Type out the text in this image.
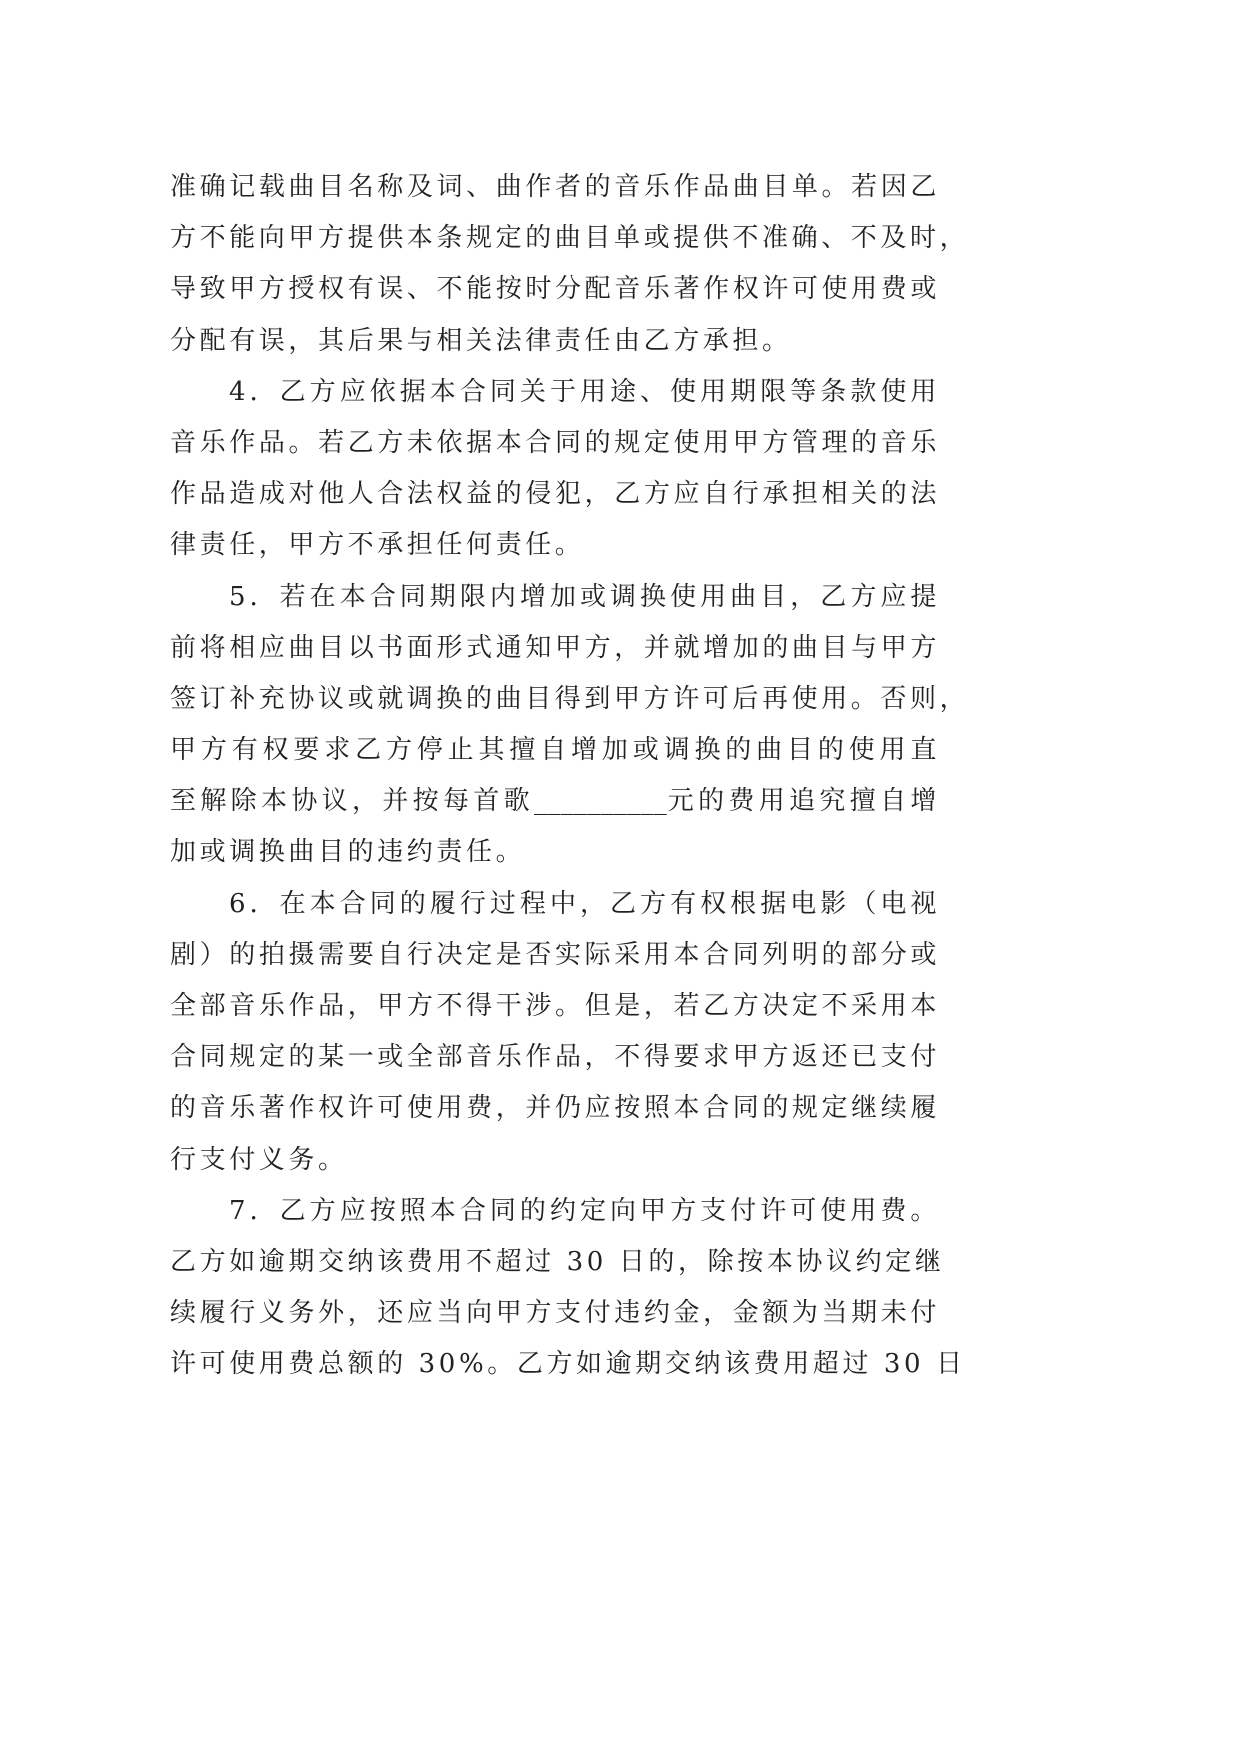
准确记载曲目名称及词、曲作者的音乐作品曲目单。若因乙
方不能向甲方提供本条规定的曲目单或提供不准确、不及时，
导致甲方授权有误、不能按时分配音乐著作权许可使用费或
分配有误，其后果与相关法律责任由乙方承担。
4．乙方应依据本合同关于用途、使用期限等条款使用
音乐作品。若乙方未依据本合同的规定使用甲方管理的音乐
作品造成对他人合法权益的侵犯，乙方应自行承担相关的法
律责任，甲方不承担任何责任。
5．若在本合同期限内增加或调换使用曲目，乙方应提
前将相应曲目以书面形式通知甲方，并就增加的曲目与甲方
签订补充协议或就调换的曲目得到甲方许可后再使用。否则，
甲方有权要求乙方停止其擅自增加或调换的曲目的使用直
至解除本协议，并按每首歌__________元的费用追究擅自增
加或调换曲目的违约责任。
6．在本合同的履行过程中，乙方有权根据电影（电视
剧）的拍摄需要自行决定是否实际采用本合同列明的部分或
全部音乐作品，甲方不得干涉。但是，若乙方决定不采用本
合同规定的某一或全部音乐作品，不得要求甲方返还已支付
的音乐著作权许可使用费，并仍应按照本合同的规定继续履
行支付义务。
7．乙方应按照本合同的约定向甲方支付许可使用费。
乙方如逾期交纳该费用不超过 30 日的，除按本协议约定继
续履行义务外，还应当向甲方支付违约金，金额为当期未付
许可使用费总额的 30%。乙方如逾期交纳该费用超过 30 日
